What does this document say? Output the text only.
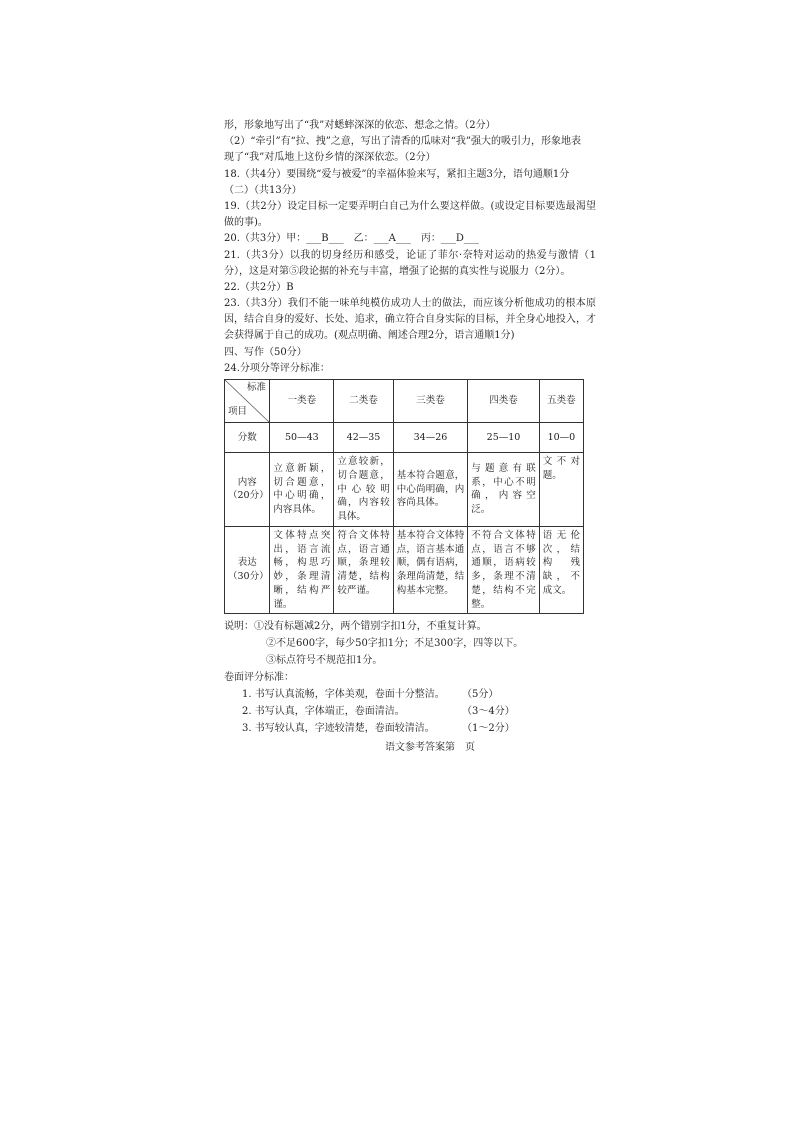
形，形象地写出了“我”对蟋蟀深深的依恋、想念之情。（2分）
（2）“牵引”有“拉、拽”之意，写出了清香的瓜味对“我”强大的吸引力，形象地表
现了“我”对瓜地上这份乡情的深深依恋。（2分）
18.（共4分）要围绕“爱与被爱”的幸福体验来写，紧扣主题3分，语句通顺1分
（二）（共13分）
19.（共2分）设定目标一定要弄明白自己为什么要这样做。(或设定目标要选最渴望做的事)。
20.（共3分）甲：___B___　乙：___A___　丙：___D___
21.（共3分）以我的切身经历和感受，论证了菲尔·奈特对运动的热爱与激情（1分），这是对第⑤段论据的补充与丰富，增强了论据的真实性与说服力（2分）。
22.（共2分）B
23.（共3分）我们不能一味单纯模仿成功人士的做法，而应该分析他成功的根本原因，结合自身的爱好、长处、追求，确立符合自身实际的目标，并全身心地投入，才会获得属于自己的成功。(观点明确、阐述合理2分，语言通顺1分)
四、写作（50分）
24.分项分等评分标准：
标准
项目	一类卷	二类卷	三类卷	四类卷	五类卷
分数	50—43	42—35	34—26	25—10	10—0

内容
（20分）	立意新颖，切合题意，中心明确，内容具体。	立意较新，切合题意，中心较明确，内容较具体。	基本符合题意，中心尚明确，内容尚具体。	与题意有联系，中心不明确，内容空泛。	文不对题。

表达
（30分）	文体特点突出，语言流畅，构思巧妙，条理清晰，结构严谨。	符合文体特点，语言通顺，条理较清楚，结构较严谨。	基本符合文体特点，语言基本通顺，偶有语病，条理尚清楚，结构基本完整。	不符合文体特点，语言不够通顺，语病较多，条理不清楚，结构不完整。	语无伦次，结构残缺，不成文。
说明：①没有标题减2分，两个错别字扣1分，不重复计算。
②不足600字，每少50字扣1分；不足300字，四等以下。
③标点符号不规范扣1分。
卷面评分标准：
1. 书写认真流畅，字体美观，卷面十分整洁。	（5分）
2. 书写认真，字体端正，卷面清洁。	（3～4分）
3. 书写较认真，字迹较清楚，卷面较清洁。	（1～2分）
语文参考答案第　页
